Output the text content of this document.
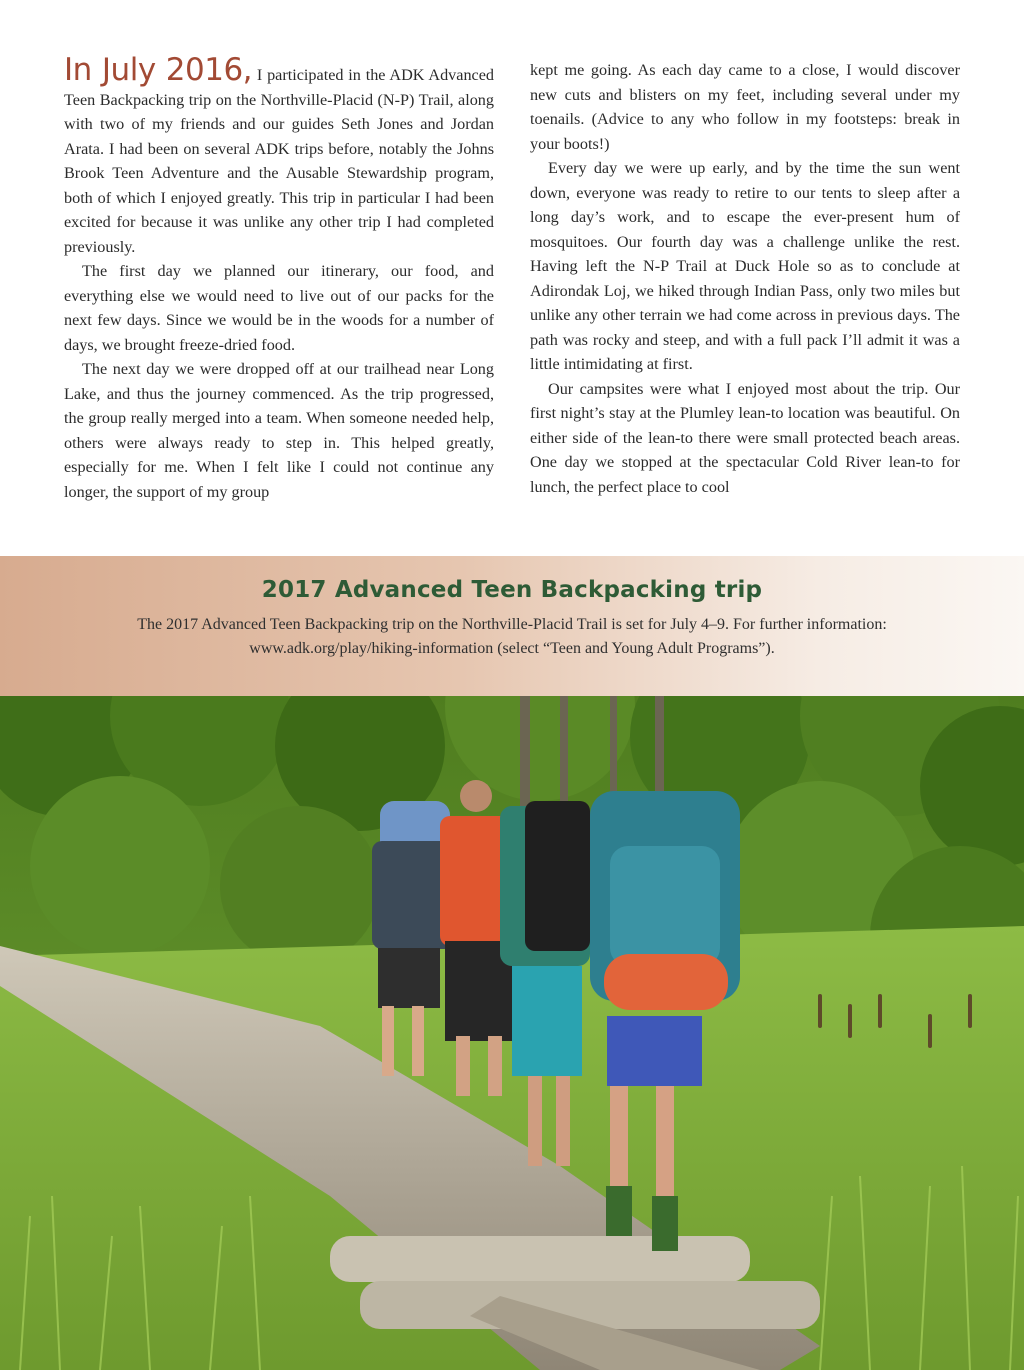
In July 2016, I participated in the ADK Advanced Teen Backpacking trip on the Northville-Placid (N-P) Trail, along with two of my friends and our guides Seth Jones and Jordan Arata. I had been on several ADK trips before, notably the Johns Brook Teen Adventure and the Ausable Stewardship program, both of which I enjoyed greatly. This trip in particular I had been excited for because it was unlike any other trip I had completed previously.

The first day we planned our itinerary, our food, and everything else we would need to live out of our packs for the next few days. Since we would be in the woods for a number of days, we brought freeze-dried food.

The next day we were dropped off at our trailhead near Long Lake, and thus the journey commenced. As the trip progressed, the group really merged into a team. When someone needed help, others were always ready to step in. This helped greatly, especially for me. When I felt like I could not continue any longer, the support of my group

kept me going. As each day came to a close, I would discover new cuts and blisters on my feet, including several under my toenails. (Advice to any who follow in my footsteps: break in your boots!)

Every day we were up early, and by the time the sun went down, everyone was ready to retire to our tents to sleep after a long day’s work, and to escape the ever-present hum of mosquitoes. Our fourth day was a challenge unlike the rest. Having left the N-P Trail at Duck Hole so as to conclude at Adirondak Loj, we hiked through Indian Pass, only two miles but unlike any other terrain we had come across in previous days. The path was rocky and steep, and with a full pack I’ll admit it was a little intimidating at first.

Our campsites were what I enjoyed most about the trip. Our first night’s stay at the Plumley lean-to location was beautiful. On either side of the lean-to there were small protected beach areas. One day we stopped at the spectacular Cold River lean-to for lunch, the perfect place to cool

2017 Advanced Teen Backpacking trip
The 2017 Advanced Teen Backpacking trip on the Northville-Placid Trail is set for July 4–9. For further information:
www.adk.org/play/hiking-information (select “Teen and Young Adult Programs”).
